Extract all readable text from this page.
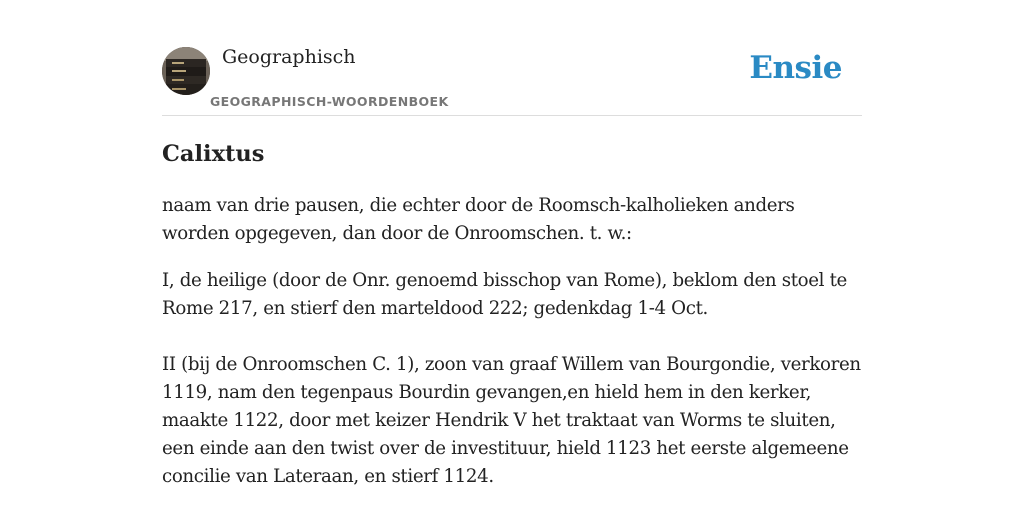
Geographisch
GEOGRAPHISCH-WOORDENBOEK
Ensie
Calixtus

naam van drie pausen, die echter door de Roomsch-kalholieken anders worden opgegeven, dan door de Onroomschen. t. w.:

I, de heilige (door de Onr. genoemd bisschop van Rome), beklom den stoel te Rome 217, en stierf den marteldood 222; gedenkdag 1-4 Oct.

II (bij de Onroomschen C. 1), zoon van graaf Willem van Bourgondie, verkoren 1119, nam den tegenpaus Bourdin gevangen,en hield hem in den kerker, maakte 1122, door met keizer Hendrik V het traktaat van Worms te sluiten, een einde aan den twist over de investituur, hield 1123 het eerste algemeene concilie van Lateraan, en stierf 1124.
